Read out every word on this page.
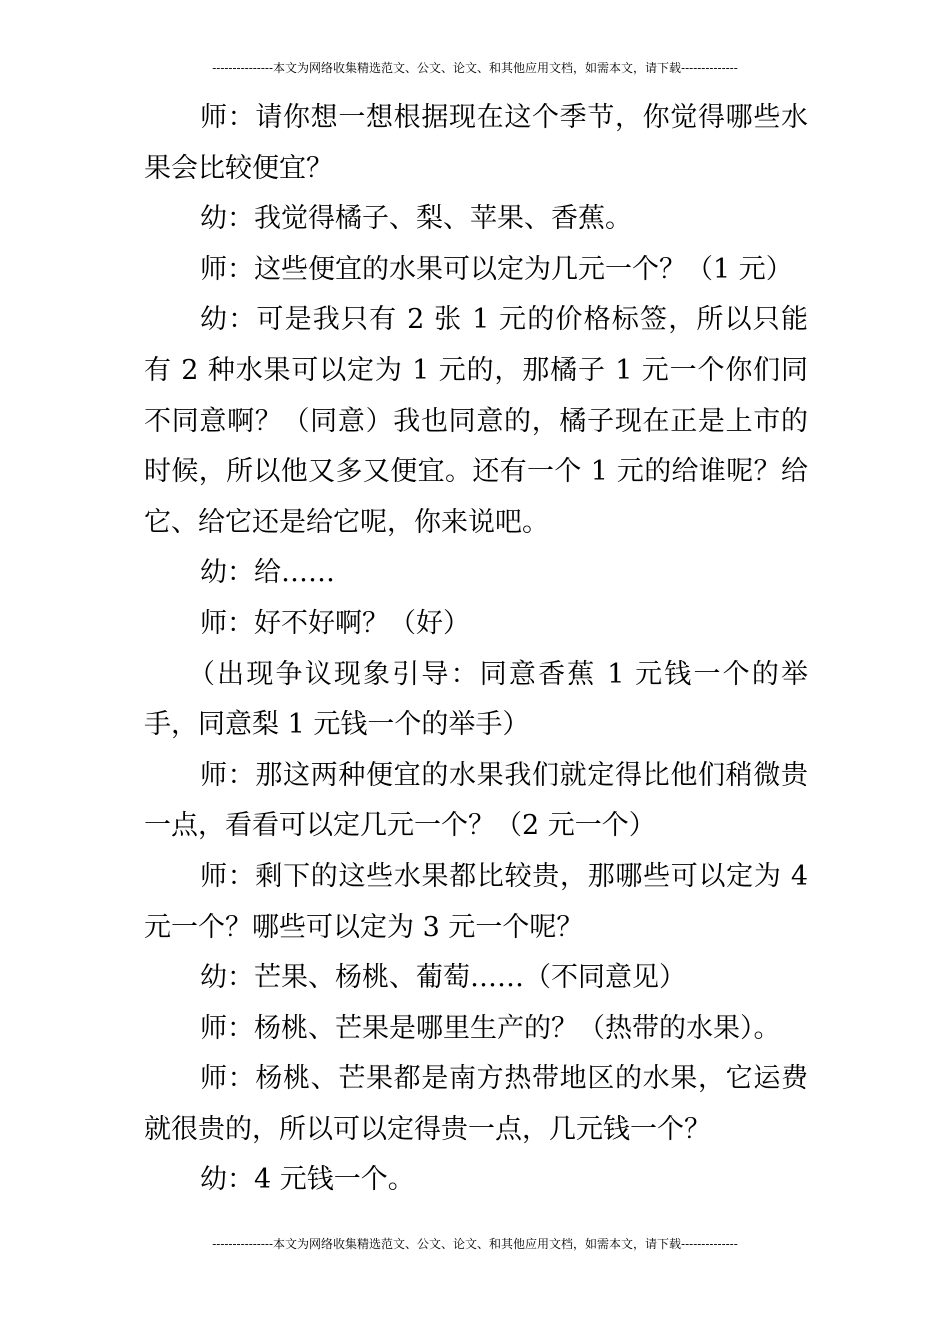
---------------本文为网络收集精选范文、公文、论文、和其他应用文档，如需本文，请下载--------------

师：请你想一想根据现在这个季节，你觉得哪些水果会比较便宜？

幼：我觉得橘子、梨、苹果、香蕉。

师：这些便宜的水果可以定为几元一个？（1 元）

幼：可是我只有 2 张 1 元的价格标签，所以只能有 2 种水果可以定为 1 元的，那橘子 1 元一个你们同不同意啊？（同意）我也同意的，橘子现在正是上市的时候，所以他又多又便宜。还有一个 1 元的给谁呢？给它、给它还是给它呢，你来说吧。

幼：给……

师：好不好啊？（好）

（出现争议现象引导：同意香蕉 1 元钱一个的举手，同意梨 1 元钱一个的举手）

师：那这两种便宜的水果我们就定得比他们稍微贵一点，看看可以定几元一个？（2 元一个）

师：剩下的这些水果都比较贵，那哪些可以定为 4 元一个？哪些可以定为 3 元一个呢？

幼：芒果、杨桃、葡萄……（不同意见）

师：杨桃、芒果是哪里生产的？（热带的水果）。

师：杨桃、芒果都是南方热带地区的水果，它运费就很贵的，所以可以定得贵一点，几元钱一个？

幼：4 元钱一个。

---------------本文为网络收集精选范文、公文、论文、和其他应用文档，如需本文，请下载--------------
